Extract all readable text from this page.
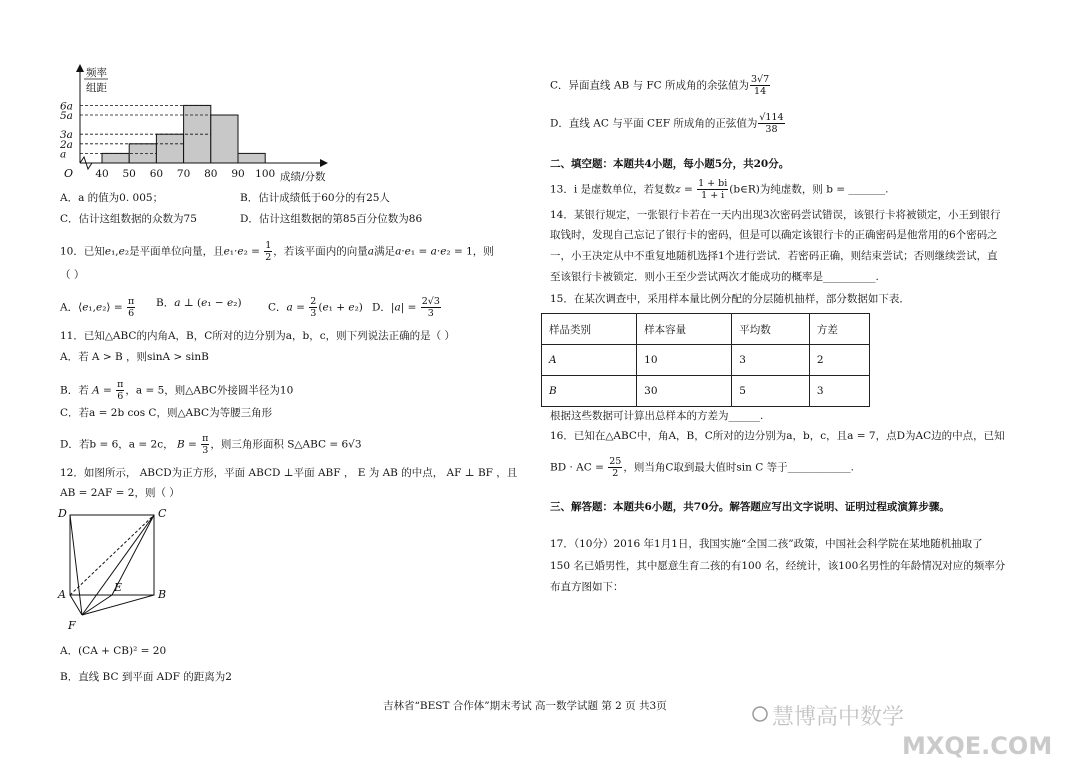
a
2a
3a
5a
6a
40 50 60 70 80 90 100
O
频率
组距
成绩/分数
A．a 的值为0. 005；	B．估计成绩低于60分的有25人
C．估计这组数据的众数为75	D．估计这组数据的第85百分位数为86
10．已知e₁,e₂是平面单位向量，且$e_1\cdot e_2 = \frac{1}{2}$ ，若该平面内的向量a满足a·e₁ = a·e₂ = 1，则
（ ）
A．⟨e₁,e₂⟩ = $\frac{\pi}{6}$ B．a ⊥ (e₁ − e₂)	C．$a = \frac{2}{3} (e_1 + e_2)$ D．$|a| = \frac{2√3}{3}$
11．已知△ABC的内角A，B，C所对的边分别为a，b，c，则下列说法正确的是（ ）
A．若 A > B ，则sinA > sinB
B．若 $A = \frac{\pi}{6}$ ，a = 5，则△ABC外接圆半径为10
C．若a = 2b cos C，则△ABC为等腰三角形
D．若b = 6，a = 2c， $B = \frac{\pi}{3}$ ，则三角形面积 S△ABC = 6√3
12．如图所示， ABCD为正方形，平面 ABCD ⊥平面 ABF ， E 为 AB 的中点， AF ⊥ BF ，且
AB = 2AF = 2，则（ ）
D	C
A
E
B
F
A．(CA + CB)² = 20
B．直线 BC 到平面 ADF 的距离为2
C．异面直线 AB 与 FC 所成角的余弦值为 $\frac{3√7}{14}$
D．直线 AC 与平面 CEF 所成角的正弦值为 $\frac{√114}{38}$
二、填空题：本题共4小题，每小题5分，共20分。
13．i 是虚数单位，若复数$z = \frac{1 + bi}{1 + i}$ (b∈R)为纯虚数，则 b = _______.
14．某银行规定，一张银行卡若在一天内出现3次密码尝试错误，该银行卡将被锁定，小王到银行
取钱时，发现自己忘记了银行卡的密码，但是可以确定该银行卡的正确密码是他常用的6个密码之
一，小王决定从中不重复地随机选择1个进行尝试．若密码正确，则结束尝试；否则继续尝试，直
至该银行卡被锁定．则小王至少尝试两次才能成功的概率是__________.
15．在某次调查中，采用样本量比例分配的分层随机抽样，部分数据如下表．
样品类别	样本容量	平均数	方差
A	10	3	2
B	30	5	3
根据这些数据可计算出总样本的方差为______.
16．已知在△ABC中，角A，B，C所对的边分别为a，b，c，且a = 7，点D为AC边的中点，已知
BD · AC = $\frac{25}{2}$ ，则当角C取到最大值时sin C 等于____________.
三、解答题：本题共6小题，共70分。解答题应写出文字说明、证明过程或演算步骤。
17．（10分）2016 年1月1日，我国实施“全国二孩”政策，中国社会科学院在某地随机抽取了
150 名已婚男性，其中愿意生育二孩的有100 名，经统计，该100名男性的年龄情况对应的频率分
布直方图如下：
吉林省“BEST 合作体”期末考试 高一数学试题 第 2 页 共3页	慧博高中数学
MXQE.COM
